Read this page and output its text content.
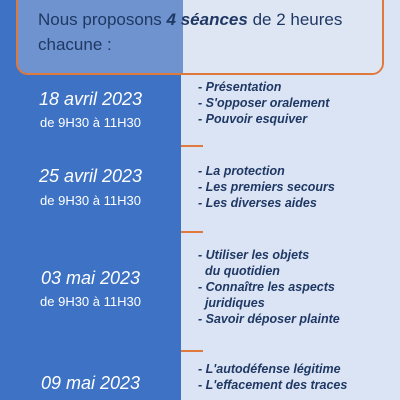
Nous proposons 4 séances de 2 heures
chacune :
18 avril 2023
de 9H30 à 11H30
- Présentation
- S'opposer oralement
- Pouvoir esquiver
25 avril 2023
de 9H30 à 11H30
- La protection
- Les premiers secours
- Les diverses aides
03 mai 2023
de 9H30 à 11H30
- Utiliser les objets
du quotidien
- Connaître les aspects
juridiques
- Savoir déposer plainte
09 mai 2023
- L'autodéfense légitime
- L'effacement des traces
